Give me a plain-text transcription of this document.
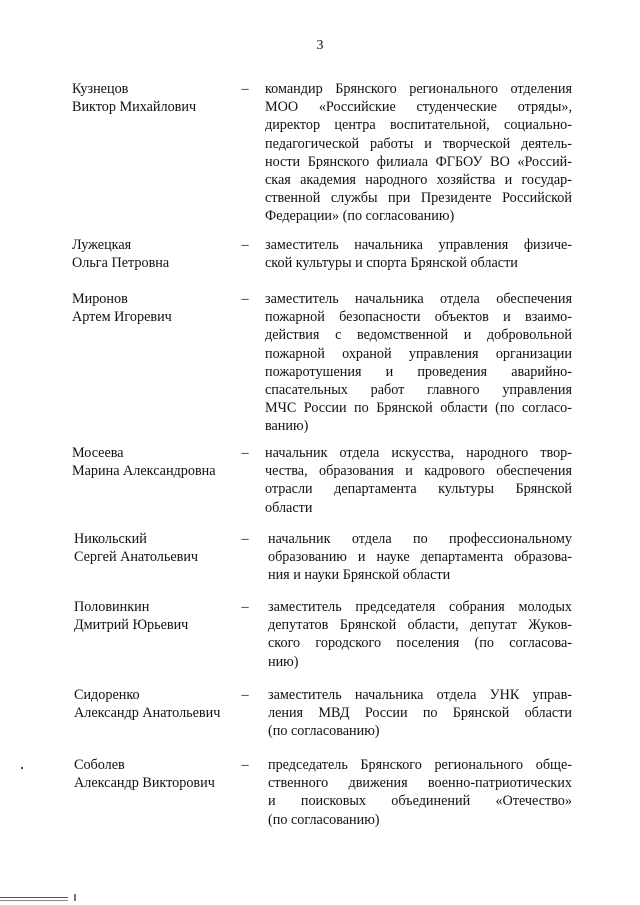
3
Кузнецов
Виктор Михайлович
– командир Брянского регионального отделения
МОО «Российские студенческие отряды»,
директор центра воспитательной, социально-
педагогической работы и творческой деятель-
ности Брянского филиала ФГБОУ ВО «Россий-
ская академия народного хозяйства и государ-
ственной службы при Президенте Российской
Федерации» (по согласованию)
Лужецкая
Ольга Петровна
– заместитель начальника управления физиче-
ской культуры и спорта Брянской области
Миронов
Артем Игоревич
– заместитель начальника отдела обеспечения
пожарной безопасности объектов и взаимо-
действия с ведомственной и добровольной
пожарной охраной управления организации
пожаротушения и проведения аварийно-
спасательных работ главного управления
МЧС России по Брянской области (по согласо-
ванию)
Мосеева
Марина Александровна
– начальник отдела искусства, народного твор-
чества, образования и кадрового обеспечения
отрасли департамента культуры Брянской
области
Никольский
Сергей Анатольевич
– начальник отдела по профессиональному
образованию и науке департамента образова-
ния и науки Брянской области
Половинкин
Дмитрий Юрьевич
– заместитель председателя собрания молодых
депутатов Брянской области, депутат Жуков-
ского городского поселения (по согласова-
нию)
Сидоренко
Александр Анатольевич
– заместитель начальника отдела УНК управ-
ления МВД России по Брянской области
(по согласованию)
Соболев
Александр Викторович
– председатель Брянского регионального обще-
ственного движения военно-патриотических
и поисковых объединений «Отечество»
(по согласованию)
